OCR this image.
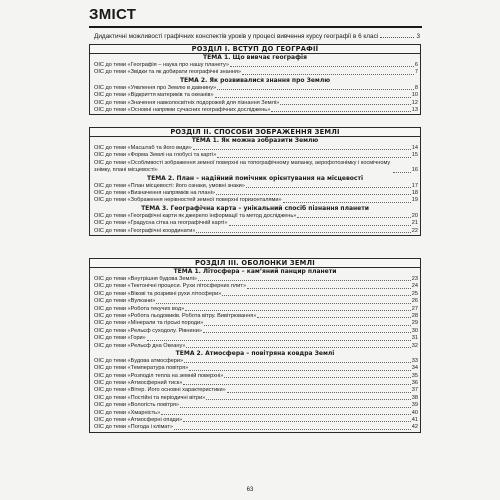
ЗМІСТ
Дидактичні можливості графічних конспектів уроків у процесі вивчення курсу географії в 6 класі	3
РОЗДІЛ І. ВСТУП ДО ГЕОГРАФІЇ
ТЕМА 1. Що вивчає географія
ОІС до теми «Географія – наука про нашу планету»	6
ОІС до теми «Звідки та як добирати географічні знання»	7
ТЕМА 2. Як розвивалися знання про Землю
ОІС до теми «Уявлення про Землю в давнину»	8
ОІС до теми «Відкриття материків та океанів»	10
ОІС до теми «Значення навколосвітніх подорожей для пізнання Землі»	12
ОІС до теми «Основні напрями сучасних географічних досліджень»	13
РОЗДІЛ ІІ. СПОСОБИ ЗОБРАЖЕННЯ ЗЕМЛІ
ТЕМА 1. Як можна зобразити Землю
ОІС до теми «Масштаб та його види»	14
ОІС до теми «Форма Землі на глобусі та карті»	15
ОІС до теми «Особливості зображення земної поверхні на топографічному мапанку, аерофотознімку і космічному знімку, плані місцевості»	16
ТЕМА 2. План – надійний помічник орієнтування на місцевості
ОІС до теми «План місцевості: його ознаки, умовні знаки»	17
ОІС до теми «Визначення напрямків на плані»	18
ОІС до теми «Зображення нерівностей земної поверхні горизонталями»	19
ТЕМА 3. Географічна карта – унікальний спосіб пізнання планети
ОІС до теми «Географічні карти як джерело інформації та метод досліджень»	20
ОІС до теми «Градусна сітка на географічній карті»	21
ОІС до теми «Географічні координати»	22
РОЗДІЛ ІІІ. ОБОЛОНКИ ЗЕМЛІ
ТЕМА 1. Літосфера – кам’яний панцир планети
ОІС до теми «Внутрішня будова Землі»	23
ОІС до теми «Тектонічні процеси. Рухи літосферних плит»	24
ОІС до теми «Вікові та розривні рухи літосфери»	25
ОІС до теми «Вулкани»	26
ОІС до теми «Робота текучих вод»	27
ОІС до теми «Робота льодовиків. Робота вітру. Вивітрювання»	28
ОІС до теми «Мінерали та гірські породи»	29
ОІС до теми «Рельєф суходолу. Рівнини»	30
ОІС до теми «Гори»	31
ОІС до теми «Рельєф дна Океану»	32
ТЕМА 2. Атмосфера – повітряна ковдра Землі
ОІС до теми «Будова атмосфери»	33
ОІС до теми «Температура повітря»	34
ОІС до теми «Розподіл тепла на земній поверхні»	35
ОІС до теми «Атмосферний тиск»	36
ОІС до теми «Вітер. Його основні характеристики»	37
ОІС до теми «Постійні та періодичні вітри»	38
ОІС до теми «Вологість повітря»	39
ОІС до теми «Хмарність»	40
ОІС до теми «Атмосферні опади»	41
ОІС до теми «Погода і клімат»	42
63
